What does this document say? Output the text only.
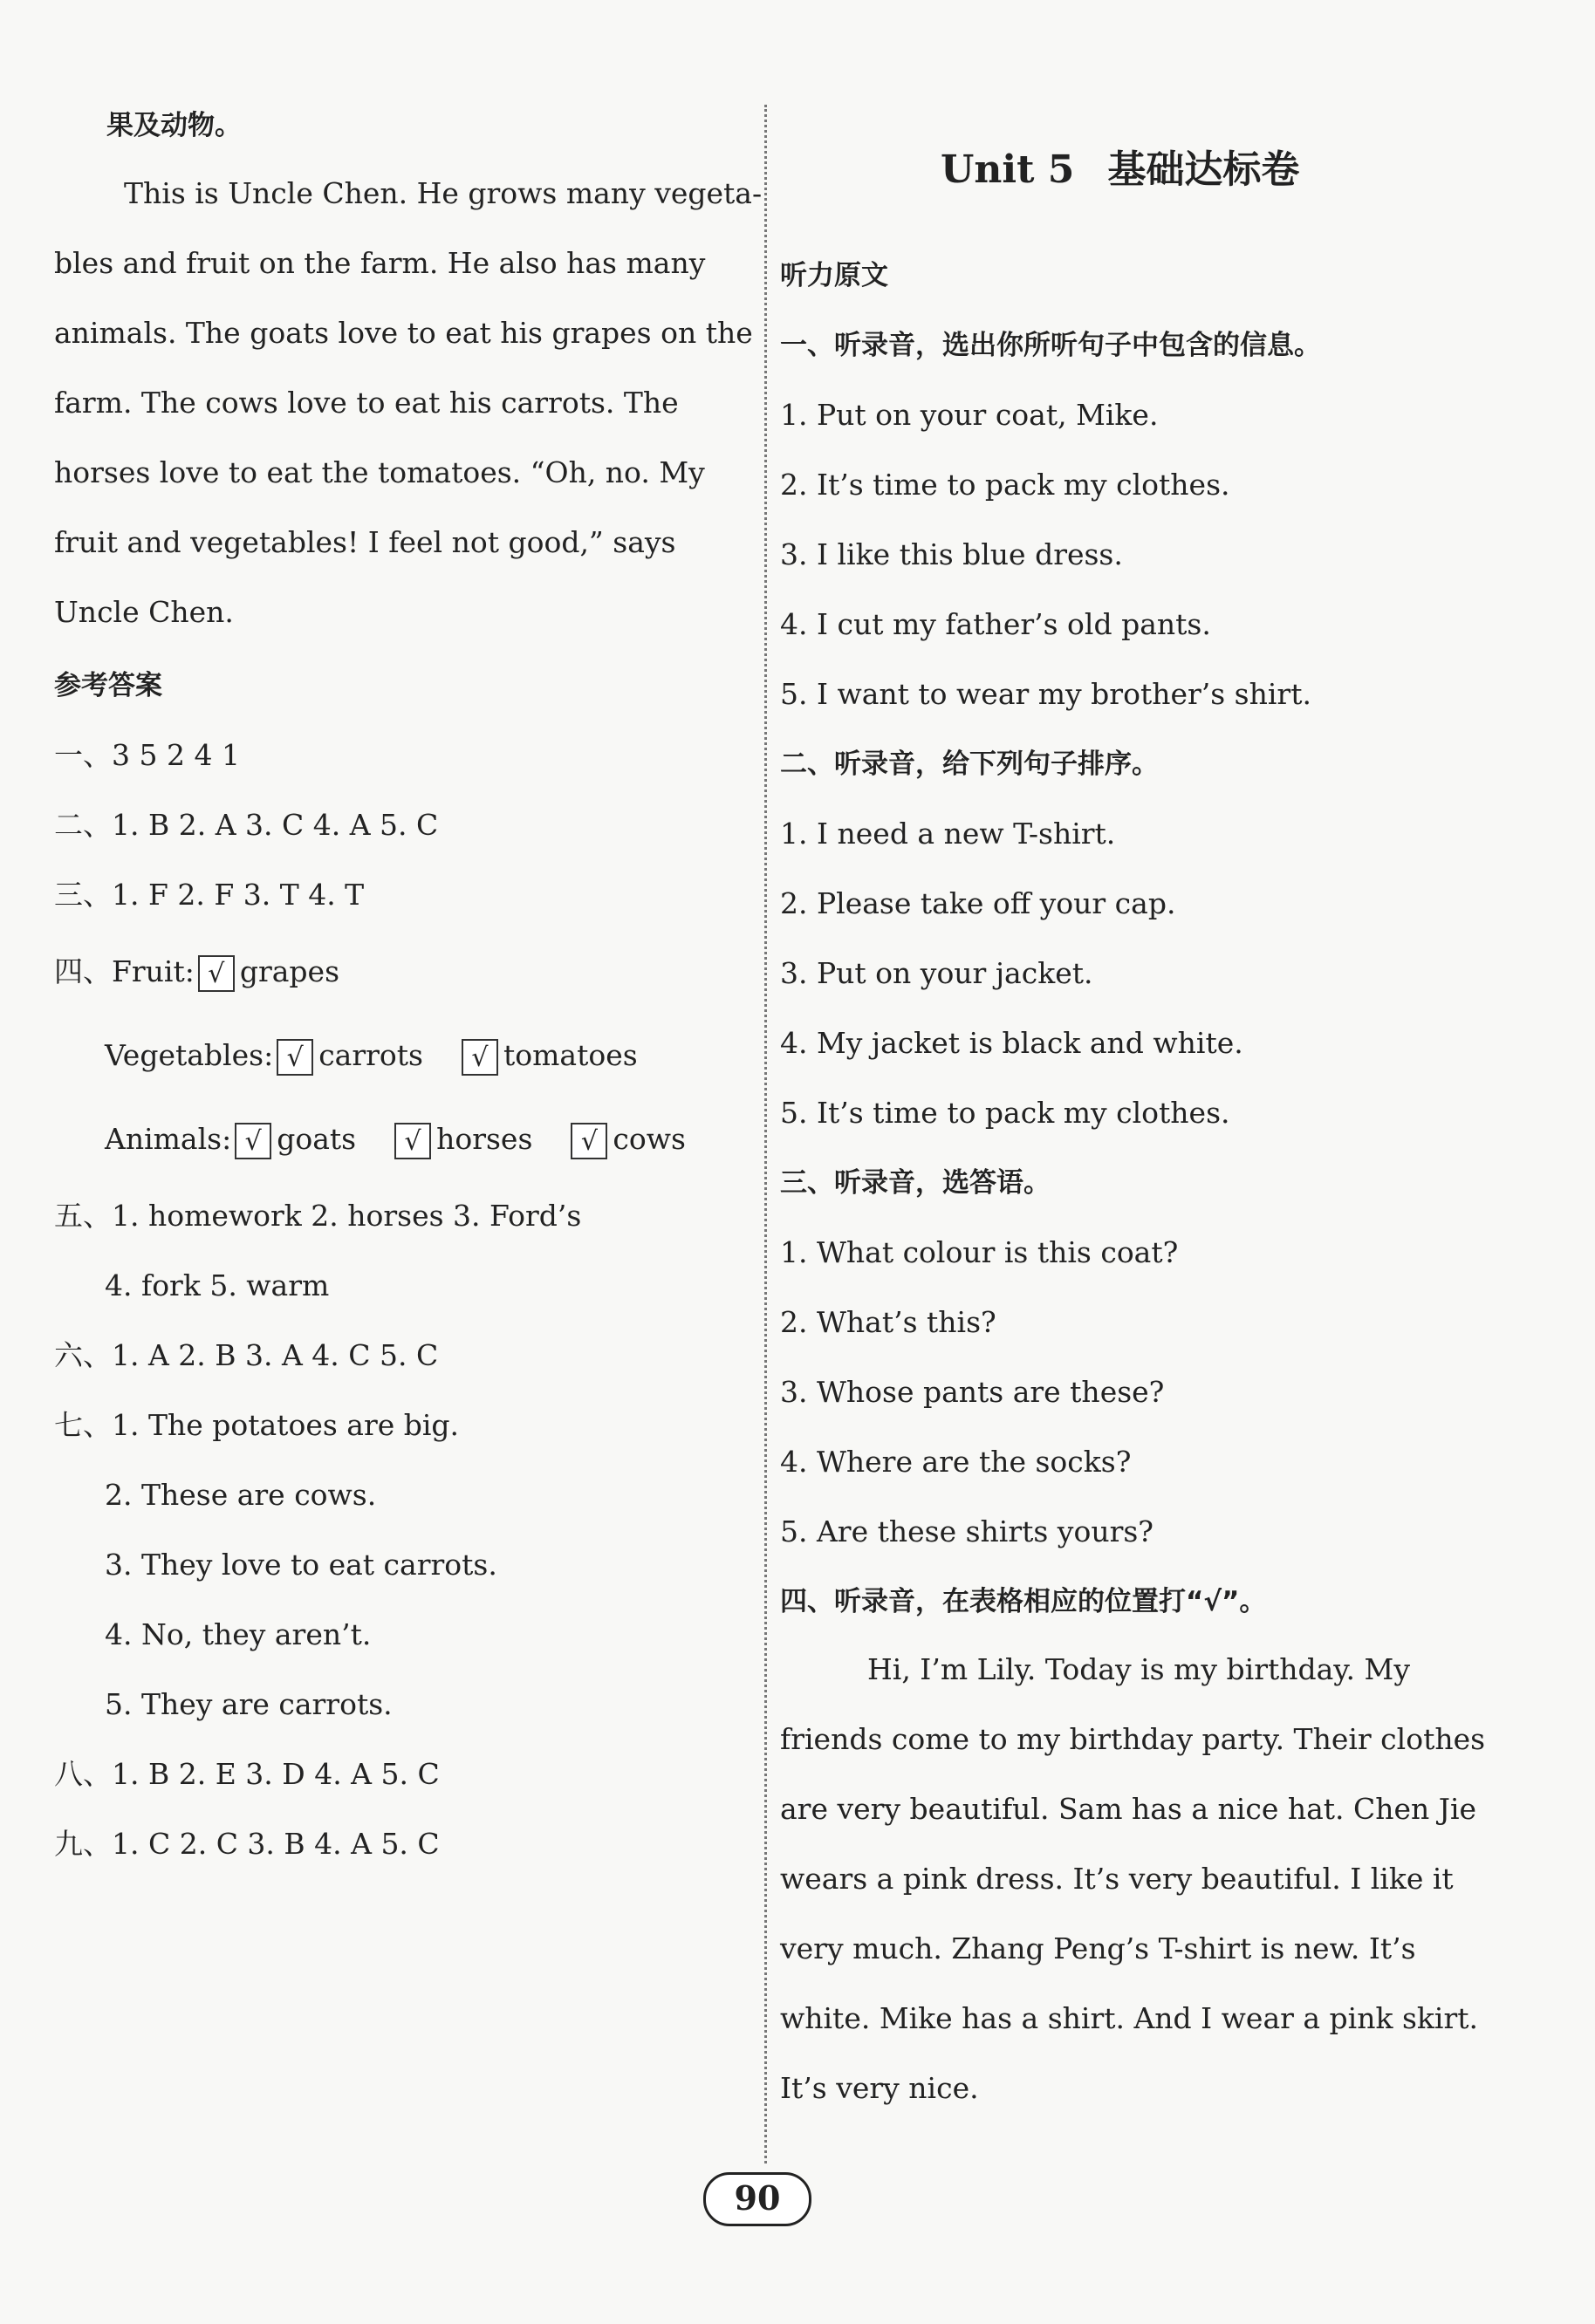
果及动物。
This is Uncle Chen. He grows many vegeta-
bles and fruit on the farm. He also has many
animals. The goats love to eat his grapes on the
farm. The cows love to eat his carrots. The
horses love to eat the tomatoes. “Oh, no. My
fruit and vegetables! I feel not good,” says
Uncle Chen.
参考答案
一、3 5 2 4 1
二、1. B 2. A 3. C 4. A 5. C
三、1. F 2. F 3. T 4. T
四、Fruit: √ grapes
Vegetables: √ carrots √ tomatoes
Animals: √ goats √ horses √ cows
五、1. homework 2. horses 3. Ford’s
4. fork 5. warm
六、1. A 2. B 3. A 4. C 5. C
七、1. The potatoes are big.
2. These are cows.
3. They love to eat carrots.
4. No, they aren’t.
5. They are carrots.
八、1. B 2. E 3. D 4. A 5. C
九、1. C 2. C 3. B 4. A 5. C
Unit 5 基础达标卷
听力原文
一、听录音，选出你所听句子中包含的信息。
1. Put on your coat, Mike.
2. It’s time to pack my clothes.
3. I like this blue dress.
4. I cut my father’s old pants.
5. I want to wear my brother’s shirt.
二、听录音，给下列句子排序。
1. I need a new T-shirt.
2. Please take off your cap.
3. Put on your jacket.
4. My jacket is black and white.
5. It’s time to pack my clothes.
三、听录音，选答语。
1. What colour is this coat?
2. What’s this?
3. Whose pants are these?
4. Where are the socks?
5. Are these shirts yours?
四、听录音，在表格相应的位置打“√”。
Hi, I’m Lily. Today is my birthday. My
friends come to my birthday party. Their clothes
are very beautiful. Sam has a nice hat. Chen Jie
wears a pink dress. It’s very beautiful. I like it
very much. Zhang Peng’s T-shirt is new. It’s
white. Mike has a shirt. And I wear a pink skirt.
It’s very nice.
90
